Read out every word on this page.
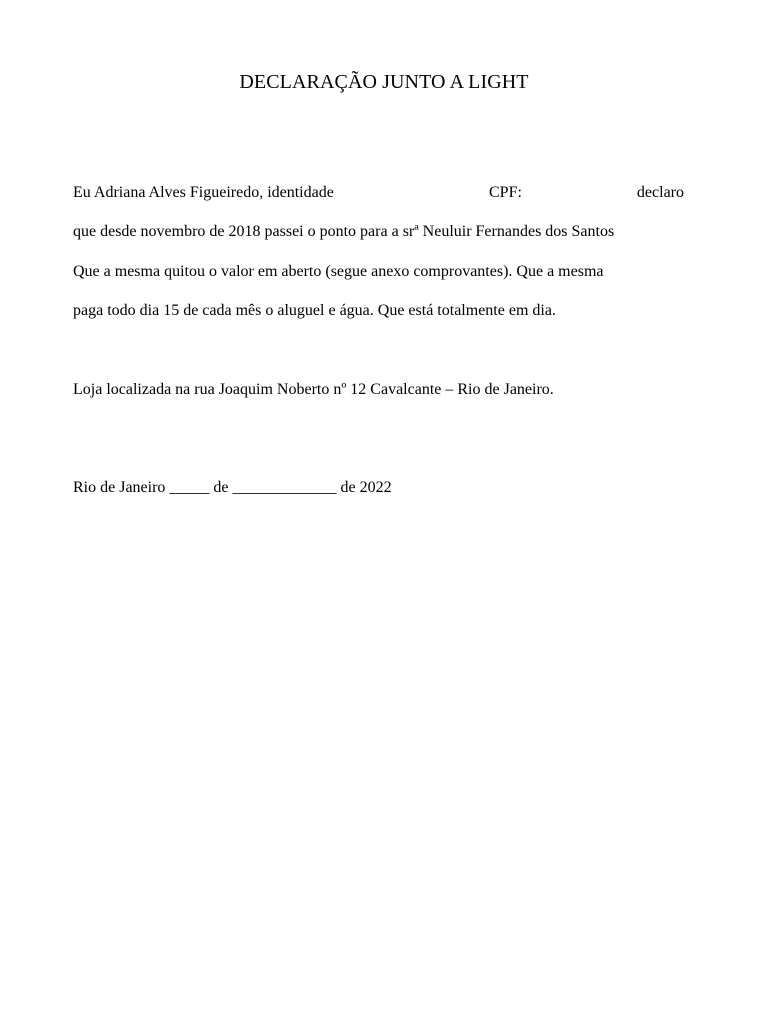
DECLARAÇÃO JUNTO A LIGHT
Eu Adriana Alves Figueiredo, identidade	CPF:	declaro
que desde novembro de 2018 passei o ponto para a srª Neuluir Fernandes dos Santos
Que a mesma quitou o valor em aberto (segue anexo comprovantes). Que a mesma
paga todo dia 15 de cada mês o aluguel e água. Que está totalmente em dia.
Loja localizada na rua Joaquim Noberto nº 12 Cavalcante – Rio de Janeiro.
Rio de Janeiro _____ de _____________ de 2022
